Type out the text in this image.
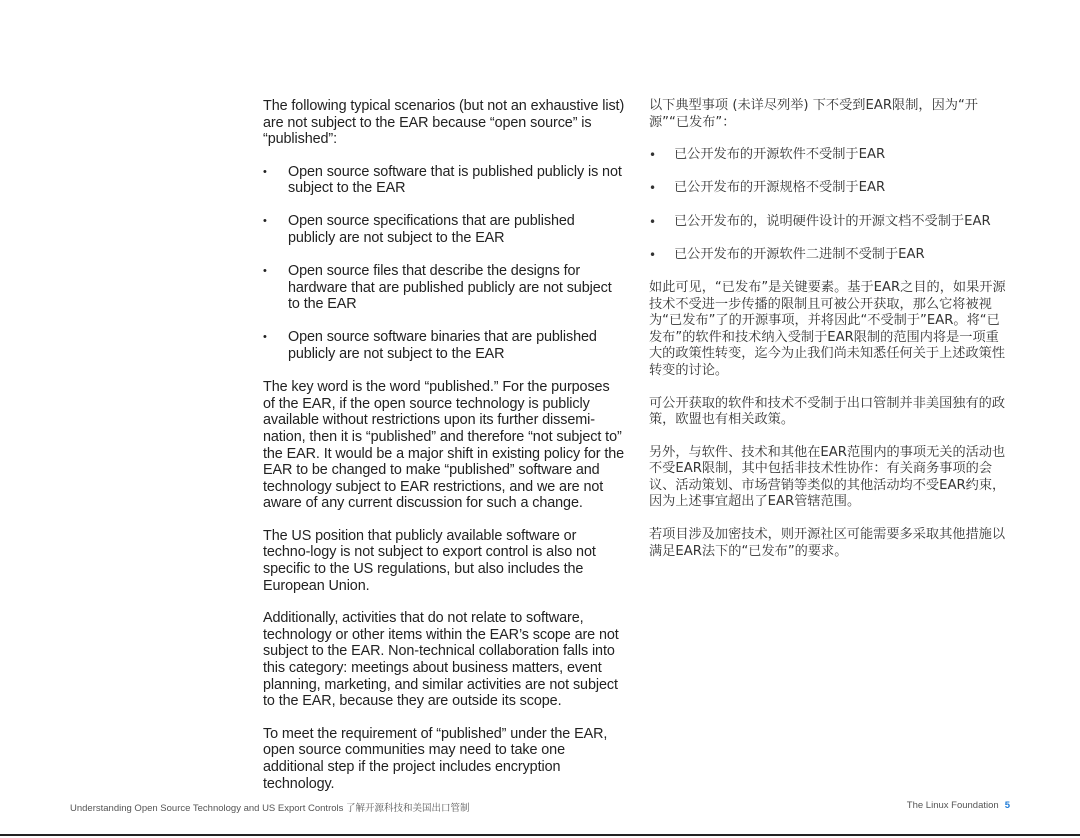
The following typical scenarios (but not an exhaustive list) are not subject to the EAR because “open source” is “published”:

• Open source software that is published publicly is not subject to the EAR
• Open source specifications that are published publicly are not subject to the EAR
• Open source files that describe the designs for hardware that are published publicly are not subject to the EAR
• Open source software binaries that are published publicly are not subject to the EAR

The key word is the word “published.” For the purposes of the EAR, if the open source technology is publicly available without restrictions upon its further dissemi-nation, then it is “published” and therefore “not subject to” the EAR. It would be a major shift in existing policy for the EAR to be changed to make “published” software and technology subject to EAR restrictions, and we are not aware of any current discussion for such a change.

The US position that publicly available software or techno-logy is not subject to export control is also not specific to the US regulations, but also includes the European Union.

Additionally, activities that do not relate to software, technology or other items within the EAR’s scope are not subject to the EAR. Non-technical collaboration falls into this category: meetings about business matters, event planning, marketing, and similar activities are not subject to the EAR, because they are outside its scope.

To meet the requirement of “published” under the EAR, open source communities may need to take one additional step if the project includes encryption technology.

以下典型事项 (未详尽列举) 下不受到EAR限制，因为“开源”“已发布”：

• 已公开发布的开源软件不受制于EAR
• 已公开发布的开源规格不受制于EAR
• 已公开发布的，说明硬件设计的开源文档不受制于EAR
• 已公开发布的开源软件二进制不受制于EAR

如此可见，“已发布”是关键要素。基于EAR之目的，如果开源技术不受进一步传播的限制且可被公开获取，那么它将被视为“已发布”了的开源事项，并将因此“不受制于”EAR。将“已发布”的软件和技术纳入受制于EAR限制的范围内将是一项重大的政策性转变，迄今为止我们尚未知悉任何关于上述政策性转变的讨论。

可公开获取的软件和技术不受制于出口管制并非美国独有的政策，欧盟也有相关政策。

另外，与软件、技术和其他在EAR范围内的事项无关的活动也不受EAR限制，其中包括非技术性协作：有关商务事项的会议、活动策划、市场营销等类似的其他活动均不受EAR约束，因为上述事宜超出了EAR管辖范围。

若项目涉及加密技术，则开源社区可能需要多采取其他措施以满足EAR法下的“已发布”的要求。

Understanding Open Source Technology and US Export Controls 了解开源科技和美国出口管制	The Linux Foundation 5
